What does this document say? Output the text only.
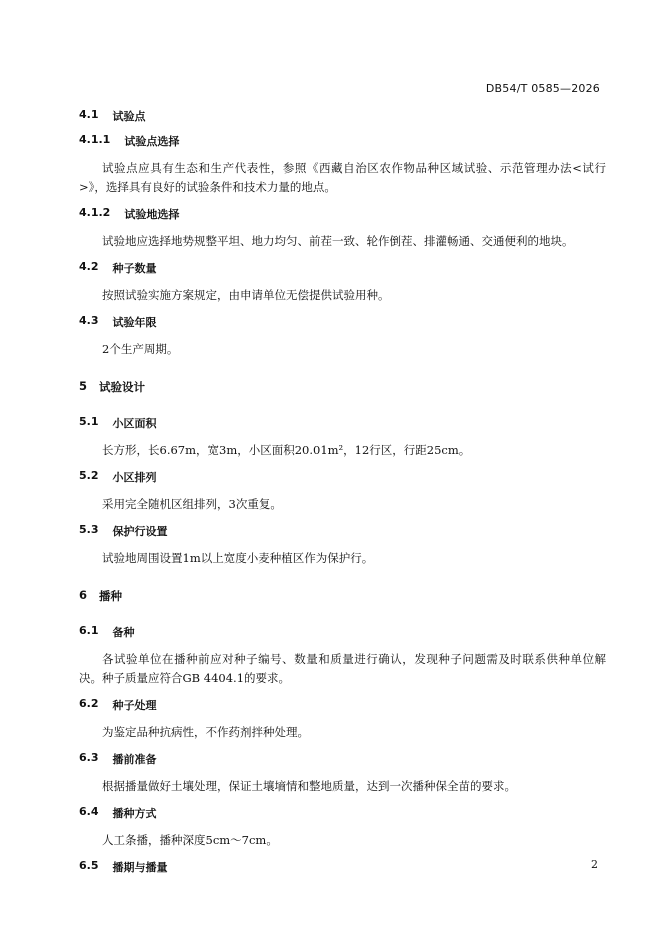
DB54/T 0585—2026
4.1 试验点
4.1.1 试验点选择
试验点应具有生态和生产代表性，参照《西藏自治区农作物品种区域试验、示范管理办法<试行>》，选择具有良好的试验条件和技术力量的地点。
4.1.2 试验地选择
试验地应选择地势规整平坦、地力均匀、前茬一致、轮作倒茬、排灌畅通、交通便利的地块。
4.2 种子数量
按照试验实施方案规定，由申请单位无偿提供试验用种。
4.3 试验年限
2个生产周期。
5 试验设计
5.1 小区面积
长方形，长6.67m，宽3m，小区面积20.01m²，12行区，行距25cm。
5.2 小区排列
采用完全随机区组排列，3次重复。
5.3 保护行设置
试验地周围设置1m以上宽度小麦种植区作为保护行。
6 播种
6.1 备种
各试验单位在播种前应对种子编号、数量和质量进行确认，发现种子问题需及时联系供种单位解决。种子质量应符合GB 4404.1的要求。
6.2 种子处理
为鉴定品种抗病性，不作药剂拌种处理。
6.3 播前准备
根据播量做好土壤处理，保证土壤墒情和整地质量，达到一次播种保全苗的要求。
6.4 播种方式
人工条播，播种深度5cm～7cm。
6.5 播期与播量	2
